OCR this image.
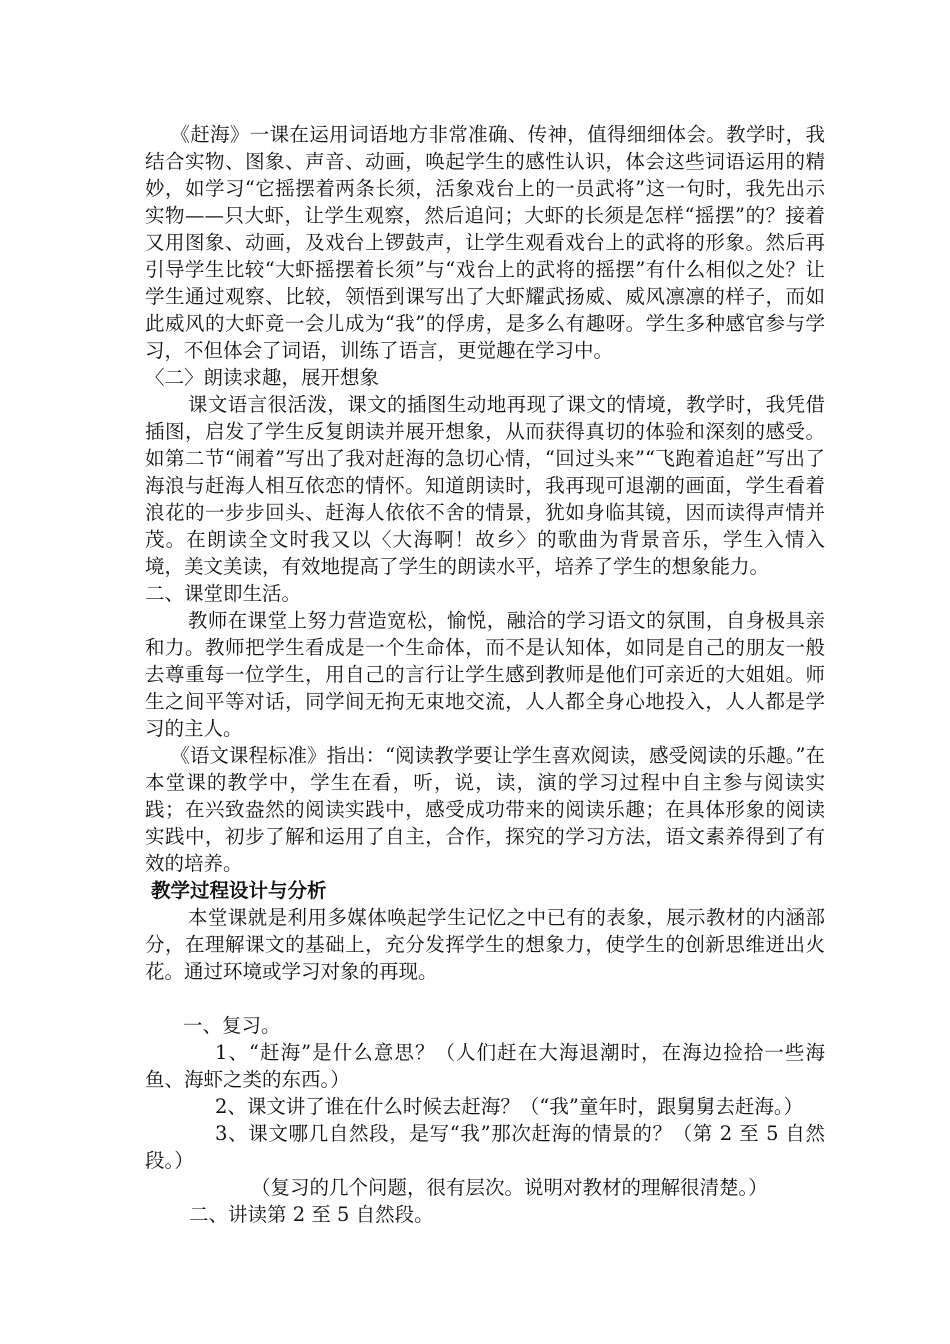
《赶海》一课在运用词语地方非常准确、传神，值得细细体会。教学时，我结合实物、图象、声音、动画，唤起学生的感性认识，体会这些词语运用的精妙，如学习“它摇摆着两条长须，活象戏台上的一员武将”这一句时，我先出示实物——只大虾，让学生观察，然后追问；大虾的长须是怎样“摇摆”的？接着又用图象、动画，及戏台上锣鼓声，让学生观看戏台上的武将的形象。然后再引导学生比较“大虾摇摆着长须”与“戏台上的武将的摇摆”有什么相似之处？让学生通过观察、比较，领悟到课写出了大虾耀武扬威、威风凛凛的样子，而如此威风的大虾竟一会儿成为“我”的俘虏，是多么有趣呀。学生多种感官参与学习，不但体会了词语，训练了语言，更觉趣在学习中。

〈二〉朗读求趣，展开想象

课文语言很活泼，课文的插图生动地再现了课文的情境，教学时，我凭借插图，启发了学生反复朗读并展开想象，从而获得真切的体验和深刻的感受。如第二节“闹着”写出了我对赶海的急切心情，“回过头来”“飞跑着追赶”写出了海浪与赶海人相互依恋的情怀。知道朗读时，我再现可退潮的画面，学生看着浪花的一步步回头、赶海人依依不舍的情景，犹如身临其镜，因而读得声情并茂。在朗读全文时我又以〈大海啊！故乡〉的歌曲为背景音乐，学生入情入境，美文美读，有效地提高了学生的朗读水平，培养了学生的想象能力。

二、课堂即生活。

教师在课堂上努力营造宽松，愉悦，融洽的学习语文的氛围，自身极具亲和力。教师把学生看成是一个生命体，而不是认知体，如同是自己的朋友一般去尊重每一位学生，用自己的言行让学生感到教师是他们可亲近的大姐姐。师生之间平等对话，同学间无拘无束地交流，人人都全身心地投入，人人都是学习的主人。

《语文课程标准》指出：“阅读教学要让学生喜欢阅读，感受阅读的乐趣。”在本堂课的教学中，学生在看，听，说，读，演的学习过程中自主参与阅读实践；在兴致盎然的阅读实践中，感受成功带来的阅读乐趣；在具体形象的阅读实践中，初步了解和运用了自主，合作，探究的学习方法，语文素养得到了有效的培养。

教学过程设计与分析

本堂课就是利用多媒体唤起学生记忆之中已有的表象，展示教材的内涵部分，在理解课文的基础上，充分发挥学生的想象力，使学生的创新思维迸出火花。通过环境或学习对象的再现。

一、复习。

1、“赶海”是什么意思？（人们赶在大海退潮时，在海边捡拾一些海鱼、海虾之类的东西。）

2、课文讲了谁在什么时候去赶海？（“我”童年时，跟舅舅去赶海。）

3、课文哪几自然段，是写“我”那次赶海的情景的？（第 2 至 5 自然段。）

（复习的几个问题，很有层次。说明对教材的理解很清楚。）

二、讲读第 2 至 5 自然段。
